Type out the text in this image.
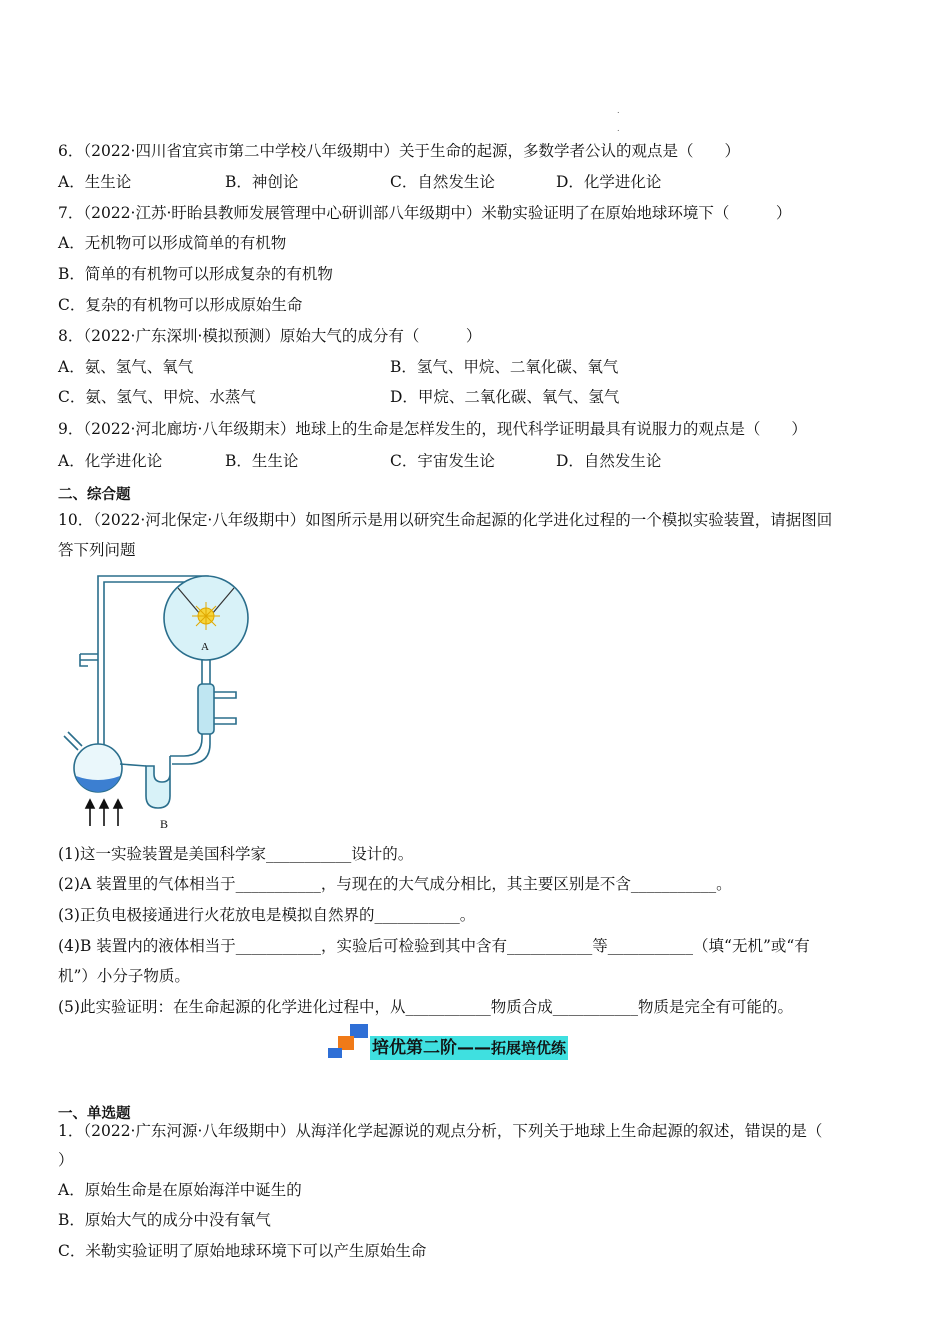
.
.
6．（2022·四川省宜宾市第二中学校八年级期中）关于生命的起源，多数学者公认的观点是（　　）
A．生生论	B．神创论	C．自然发生论	D．化学进化论
7．（2022·江苏·盱眙县教师发展管理中心研训部八年级期中）米勒实验证明了在原始地球环境下（　　　）
A．无机物可以形成简单的有机物
B．简单的有机物可以形成复杂的有机物
C．复杂的有机物可以形成原始生命
8．（2022·广东深圳·模拟预测）原始大气的成分有（　　　）
A．氨、氢气、氧气	B．氢气、甲烷、二氧化碳、氧气
C．氨、氢气、甲烷、水蒸气	D．甲烷、二氧化碳、氧气、氢气
9．（2022·河北廊坊·八年级期末）地球上的生命是怎样发生的，现代科学证明最具有说服力的观点是（　　）
A．化学进化论	B．生生论	C．宇宙发生论	D．自然发生论
二、综合题
10．（2022·河北保定·八年级期中）如图所示是用以研究生命起源的化学进化过程的一个模拟实验装置，请据图回
答下列问题
A
B
(1)这一实验装置是美国科学家___________设计的。
(2)A 装置里的气体相当于___________，与现在的大气成分相比，其主要区别是不含___________。
(3)正负电极接通进行火花放电是模拟自然界的___________。
(4)B 装置内的液体相当于___________，实验后可检验到其中含有___________等___________（填“无机”或“有
机”）小分子物质。
(5)此实验证明：在生命起源的化学进化过程中，从___________物质合成___________物质是完全有可能的。
培优第二阶——拓展培优练
一、单选题
1．（2022·广东河源·八年级期中）从海洋化学起源说的观点分析，下列关于地球上生命起源的叙述，错误的是（
）
A．原始生命是在原始海洋中诞生的
B．原始大气的成分中没有氧气
C．米勒实验证明了原始地球环境下可以产生原始生命
